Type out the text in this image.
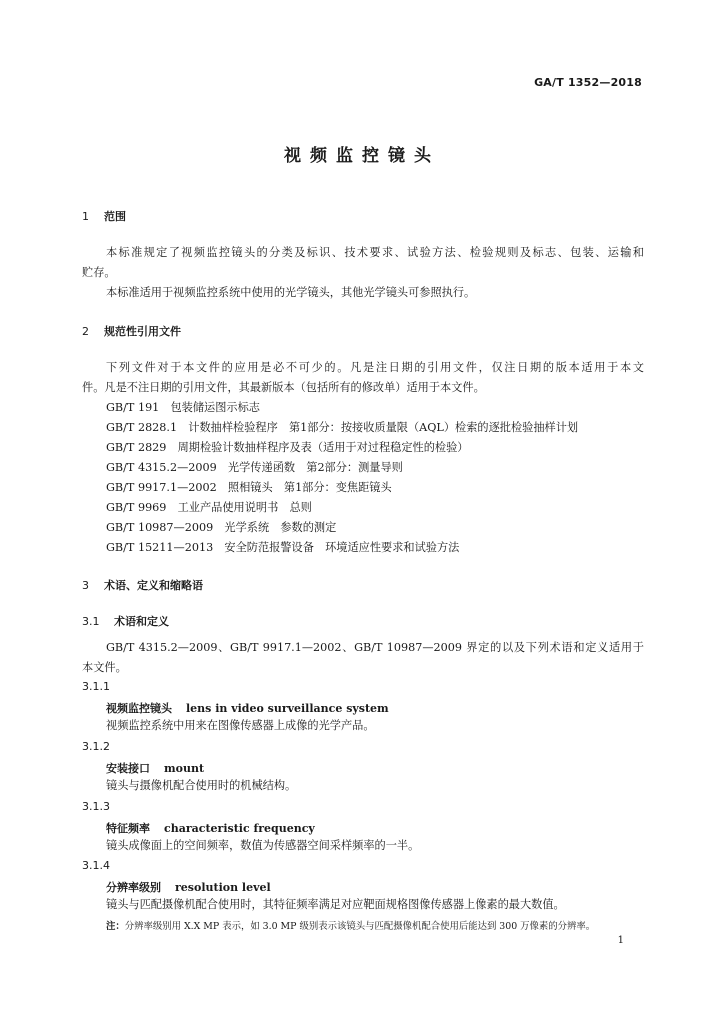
GA/T 1352—2018
视频监控镜头
1 范围
本标准规定了视频监控镜头的分类及标识、技术要求、试验方法、检验规则及标志、包装、运输和
贮存。
本标准适用于视频监控系统中使用的光学镜头，其他光学镜头可参照执行。
2 规范性引用文件
下列文件对于本文件的应用是必不可少的。凡是注日期的引用文件，仅注日期的版本适用于本文
件。凡是不注日期的引用文件，其最新版本（包括所有的修改单）适用于本文件。
GB/T 191　包装储运图示标志
GB/T 2828.1　计数抽样检验程序　第1部分：按接收质量限（AQL）检索的逐批检验抽样计划
GB/T 2829　周期检验计数抽样程序及表（适用于对过程稳定性的检验）
GB/T 4315.2—2009　光学传递函数　第2部分：测量导则
GB/T 9917.1—2002　照相镜头　第1部分：变焦距镜头
GB/T 9969　工业产品使用说明书　总则
GB/T 10987—2009　光学系统　参数的测定
GB/T 15211—2013　安全防范报警设备　环境适应性要求和试验方法
3 术语、定义和缩略语
3.1 术语和定义
GB/T 4315.2—2009、GB/T 9917.1—2002、GB/T 10987—2009 界定的以及下列术语和定义适用于
本文件。
3.1.1
视频监控镜头 lens in video surveillance system
视频监控系统中用来在图像传感器上成像的光学产品。
3.1.2
安装接口 mount
镜头与摄像机配合使用时的机械结构。
3.1.3
特征频率 characteristic frequency
镜头成像面上的空间频率，数值为传感器空间采样频率的一半。
3.1.4
分辨率级别 resolution level
镜头与匹配摄像机配合使用时，其特征频率满足对应靶面规格图像传感器上像素的最大数值。
注：分辨率级别用 X.X MP 表示，如 3.0 MP 级别表示该镜头与匹配摄像机配合使用后能达到 300 万像素的分辨率。
1
